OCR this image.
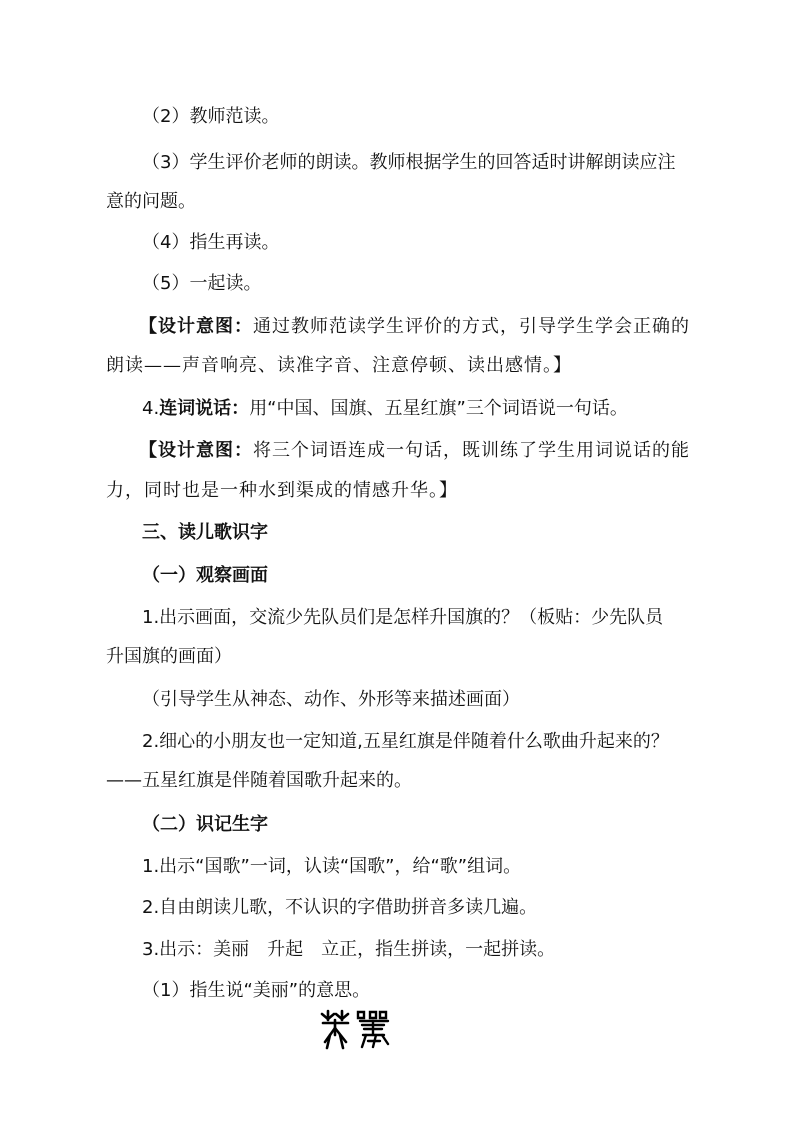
（2）教师范读。
（3）学生评价老师的朗读。教师根据学生的回答适时讲解朗读应注
意的问题。
（4）指生再读。
（5）一起读。
【设计意图：通过教师范读学生评价的方式，引导学生学会正确的
朗读——声音响亮、读准字音、注意停顿、读出感情。】
4.连词说话：用“中国、国旗、五星红旗”三个词语说一句话。
【设计意图：将三个词语连成一句话，既训练了学生用词说话的能
力，同时也是一种水到渠成的情感升华。】
三、读儿歌识字
（一）观察画面
1.出示画面，交流少先队员们是怎样升国旗的？（板贴：少先队员
升国旗的画面）
（引导学生从神态、动作、外形等来描述画面）
2.细心的小朋友也一定知道,五星红旗是伴随着什么歌曲升起来的？
——五星红旗是伴随着国歌升起来的。
（二）识记生字
1.出示“国歌”一词，认读“国歌”，给“歌”组词。
2.自由朗读儿歌，不认识的字借助拼音多读几遍。
3.出示：美丽　升起　立正，指生拼读，一起拼读。
（1）指生说“美丽”的意思。
